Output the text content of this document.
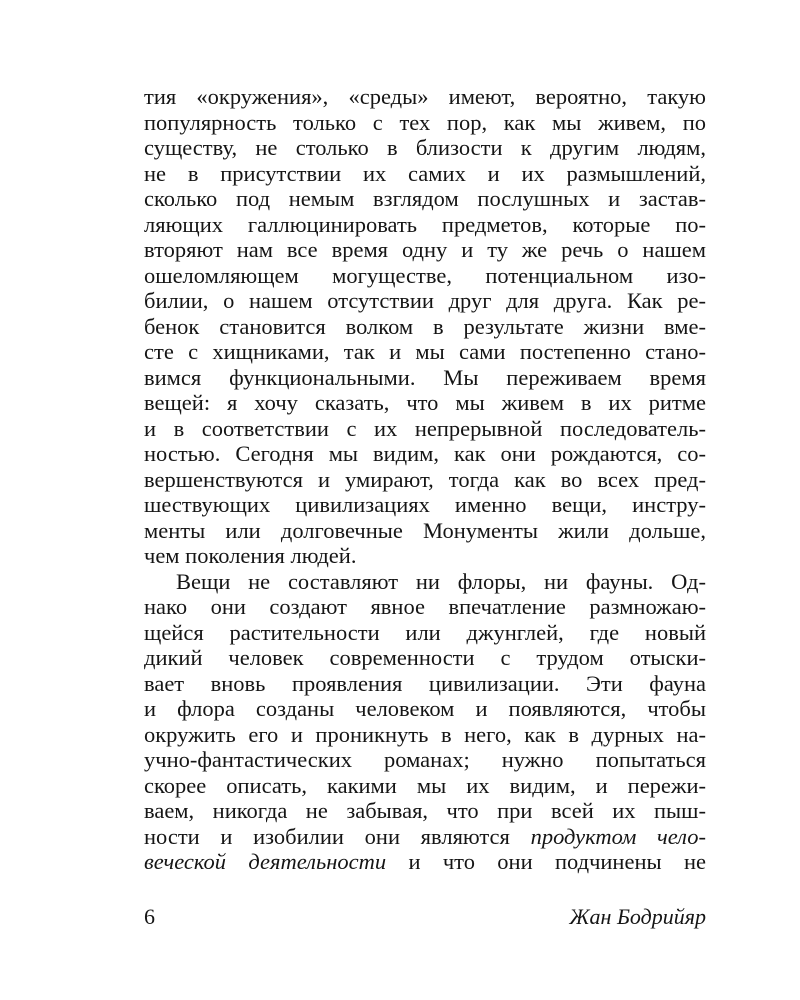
тия «окружения», «среды» имеют, вероятно, такую
популярность только с тех пор, как мы живем, по
существу, не столько в близости к другим людям,
не в присутствии их самих и их размышлений,
сколько под немым взглядом послушных и застав-
ляющих галлюцинировать предметов, которые по-
вторяют нам все время одну и ту же речь о нашем
ошеломляющем могуществе, потенциальном изо-
билии, о нашем отсутствии друг для друга. Как ре-
бенок становится волком в результате жизни вме-
сте с хищниками, так и мы сами постепенно стано-
вимся функциональными. Мы переживаем время
вещей: я хочу сказать, что мы живем в их ритме
и в соответствии с их непрерывной последователь-
ностью. Сегодня мы видим, как они рождаются, со-
вершенствуются и умирают, тогда как во всех пред-
шествующих цивилизациях именно вещи, инстру-
менты или долговечные Монументы жили дольше,
чем поколения людей.
Вещи не составляют ни флоры, ни фауны. Од-
нако они создают явное впечатление размножаю-
щейся растительности или джунглей, где новый
дикий человек современности с трудом отыски-
вает вновь проявления цивилизации. Эти фауна
и флора созданы человеком и появляются, чтобы
окружить его и проникнуть в него, как в дурных на-
учно-фантастических романах; нужно попытаться
скорее описать, какими мы их видим, и пережи-
ваем, никогда не забывая, что при всей их пыш-
ности и изобилии они являются продуктом чело-
веческой деятельности и что они подчинены не
6	Жан Бодрийяр
